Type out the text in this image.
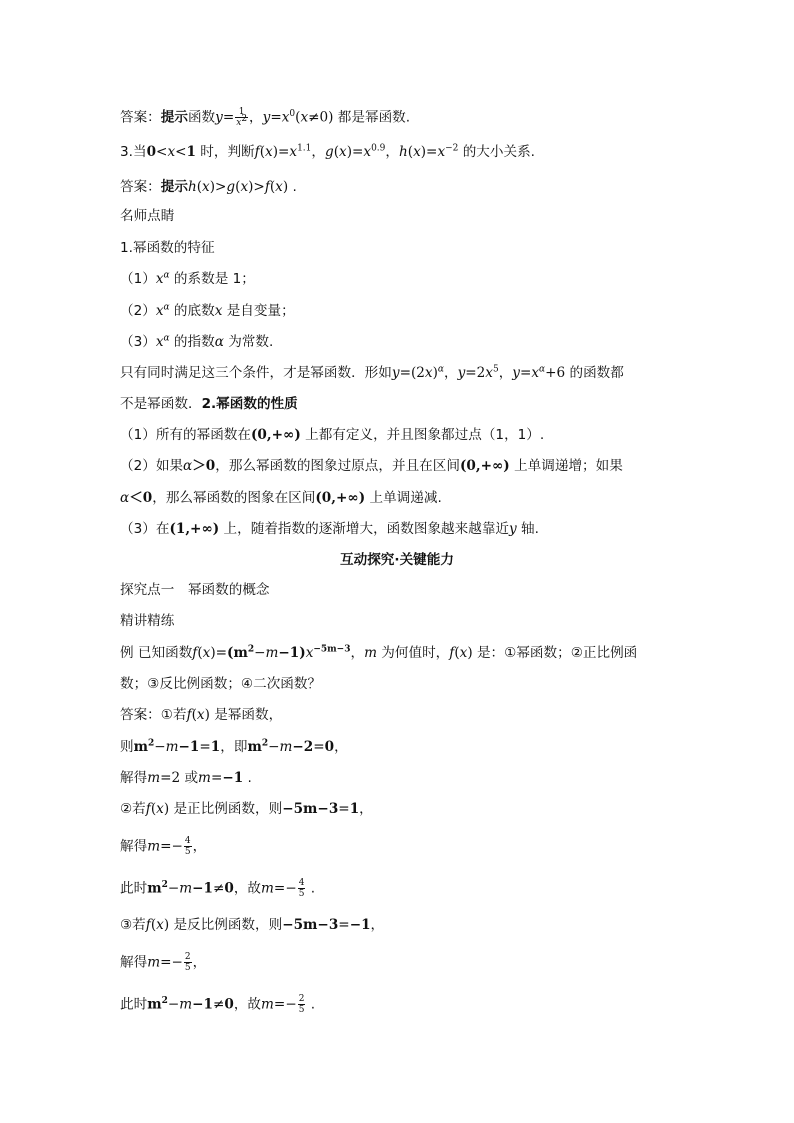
答案：提示函数$y= \frac{1}{x^2}$ ，$y=x^0(x\ne 0)$ 都是幂函数.
3.当0<x<1 时，判断$f(x)=x^{1.1}$，$g(x)=x^{0.9}$，$h(x)=x^{-2}$ 的大小关系.
答案：提示h(x)>g(x)>f(x) .
名师点睛
1.幂函数的特征
$(1)x^\alpha$ 的系数是 1；
$(2)x^\alpha$ 的底数x 是自变量；
$(3)x^\alpha$ 的指数α 为常数.
只有同时满足这三个条件，才是幂函数．形如$y=(2x)^\alpha$，$y=2x^5$，$y=x^\alpha+6$ 的函数都
不是幂函数．2.幂函数的性质
（1）所有的幂函数在(0,+∞) 上都有定义，并且图象都过点（1，1）.
（2）如果α＞0，那么幂函数的图象过原点，并且在区间(0,+∞) 上单调递增；如果
α＜0，那么幂函数的图象在区间(0,+∞) 上单调递减.
（3）在(1,+∞) 上，随着指数的逐渐增大，函数图象越来越靠近y 轴.
互动探究·关键能力
探究点一　幂函数的概念
精讲精练
例 已知函数$f(x)=(m^2-m-1)x^{-5m-3}$，m 为何值时，f(x) 是：①幂函数；②正比例函
数；③反比例函数；④二次函数？
答案：①若f(x) 是幂函数，
则$m^2-m-1=1$，即$m^2-m-2=0$，
解得m=2 或m=−1 .
②若f(x) 是正比例函数，则−5m−3=1，
解得$m=- \frac{4}{5}$ ，
此时$m^2-m-1\ne 0$，故$m=- \frac{4}{5}$ .
③若f(x) 是反比例函数，则−5m−3=−1，
解得$m=- \frac{2}{5}$ ，
此时$m^2-m-1\ne 0$，故$m=- \frac{2}{5}$ .
